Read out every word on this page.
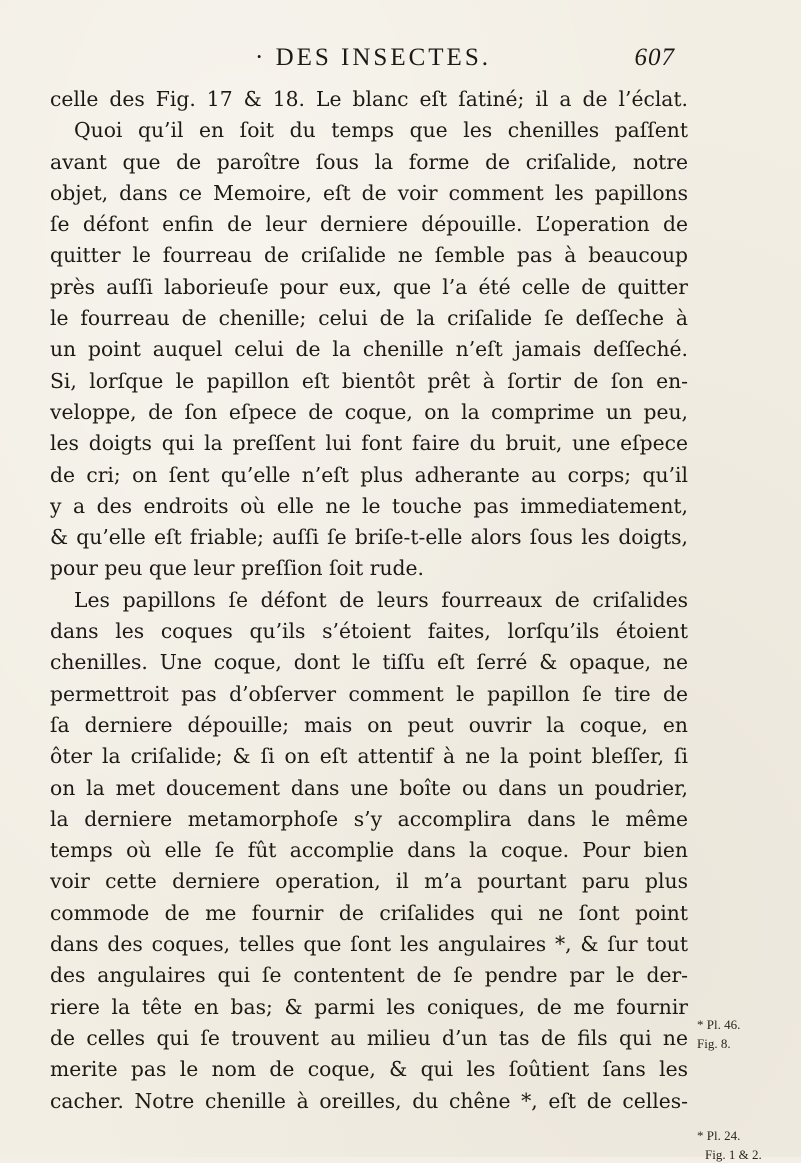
· DES INSECTES.	607
celle des Fig. 17 & 18. Le blanc eſt ſatiné; il a de l’éclat.
Quoi qu’il en ſoit du temps que les chenilles paſſent
avant que de paroître ſous la forme de criſalide, notre
objet, dans ce Memoire, eſt de voir comment les papillons
ſe défont enfin de leur derniere dépouille. L’operation de
quitter le fourreau de criſalide ne ſemble pas à beaucoup
près auſſi laborieuſe pour eux, que l’a été celle de quitter
le fourreau de chenille; celui de la criſalide ſe deſſeche à
un point auquel celui de la chenille n’eſt jamais deſſeché.
Si, lorſque le papillon eſt bientôt prêt à ſortir de ſon en-
veloppe, de ſon eſpece de coque, on la comprime un peu,
les doigts qui la preſſent lui font faire du bruit, une eſpece
de cri; on ſent qu’elle n’eſt plus adherante au corps; qu’il
y a des endroits où elle ne le touche pas immediatement,
& qu’elle eſt friable; auſſi ſe briſe-t-elle alors ſous les doigts,
pour peu que leur preſſion ſoit rude.
Les papillons ſe défont de leurs fourreaux de criſalides
dans les coques qu’ils s’étoient faites, lorſqu’ils étoient
chenilles. Une coque, dont le tiſſu eſt ſerré & opaque, ne
permettroit pas d’obſerver comment le papillon ſe tire de
ſa derniere dépouille; mais on peut ouvrir la coque, en
ôter la criſalide; & ſi on eſt attentif à ne la point bleſſer, ſi
on la met doucement dans une boîte ou dans un poudrier,
la derniere metamorphoſe s’y accomplira dans le même
temps où elle ſe fût accomplie dans la coque. Pour bien
voir cette derniere operation, il m’a pourtant paru plus
commode de me fournir de criſalides qui ne ſont point
dans des coques, telles que ſont les angulaires *, & ſur tout
des angulaires qui ſe contentent de ſe pendre par le der-
riere la tête en bas; & parmi les coniques, de me fournir
de celles qui ſe trouvent au milieu d’un tas de fils qui ne
merite pas le nom de coque, & qui les ſoûtient ſans les
cacher. Notre chenille à oreilles, du chêne *, eſt de celles-
* Pl. 46.
Fig. 8.
* Pl. 24.
Fig. 1 & 2.
